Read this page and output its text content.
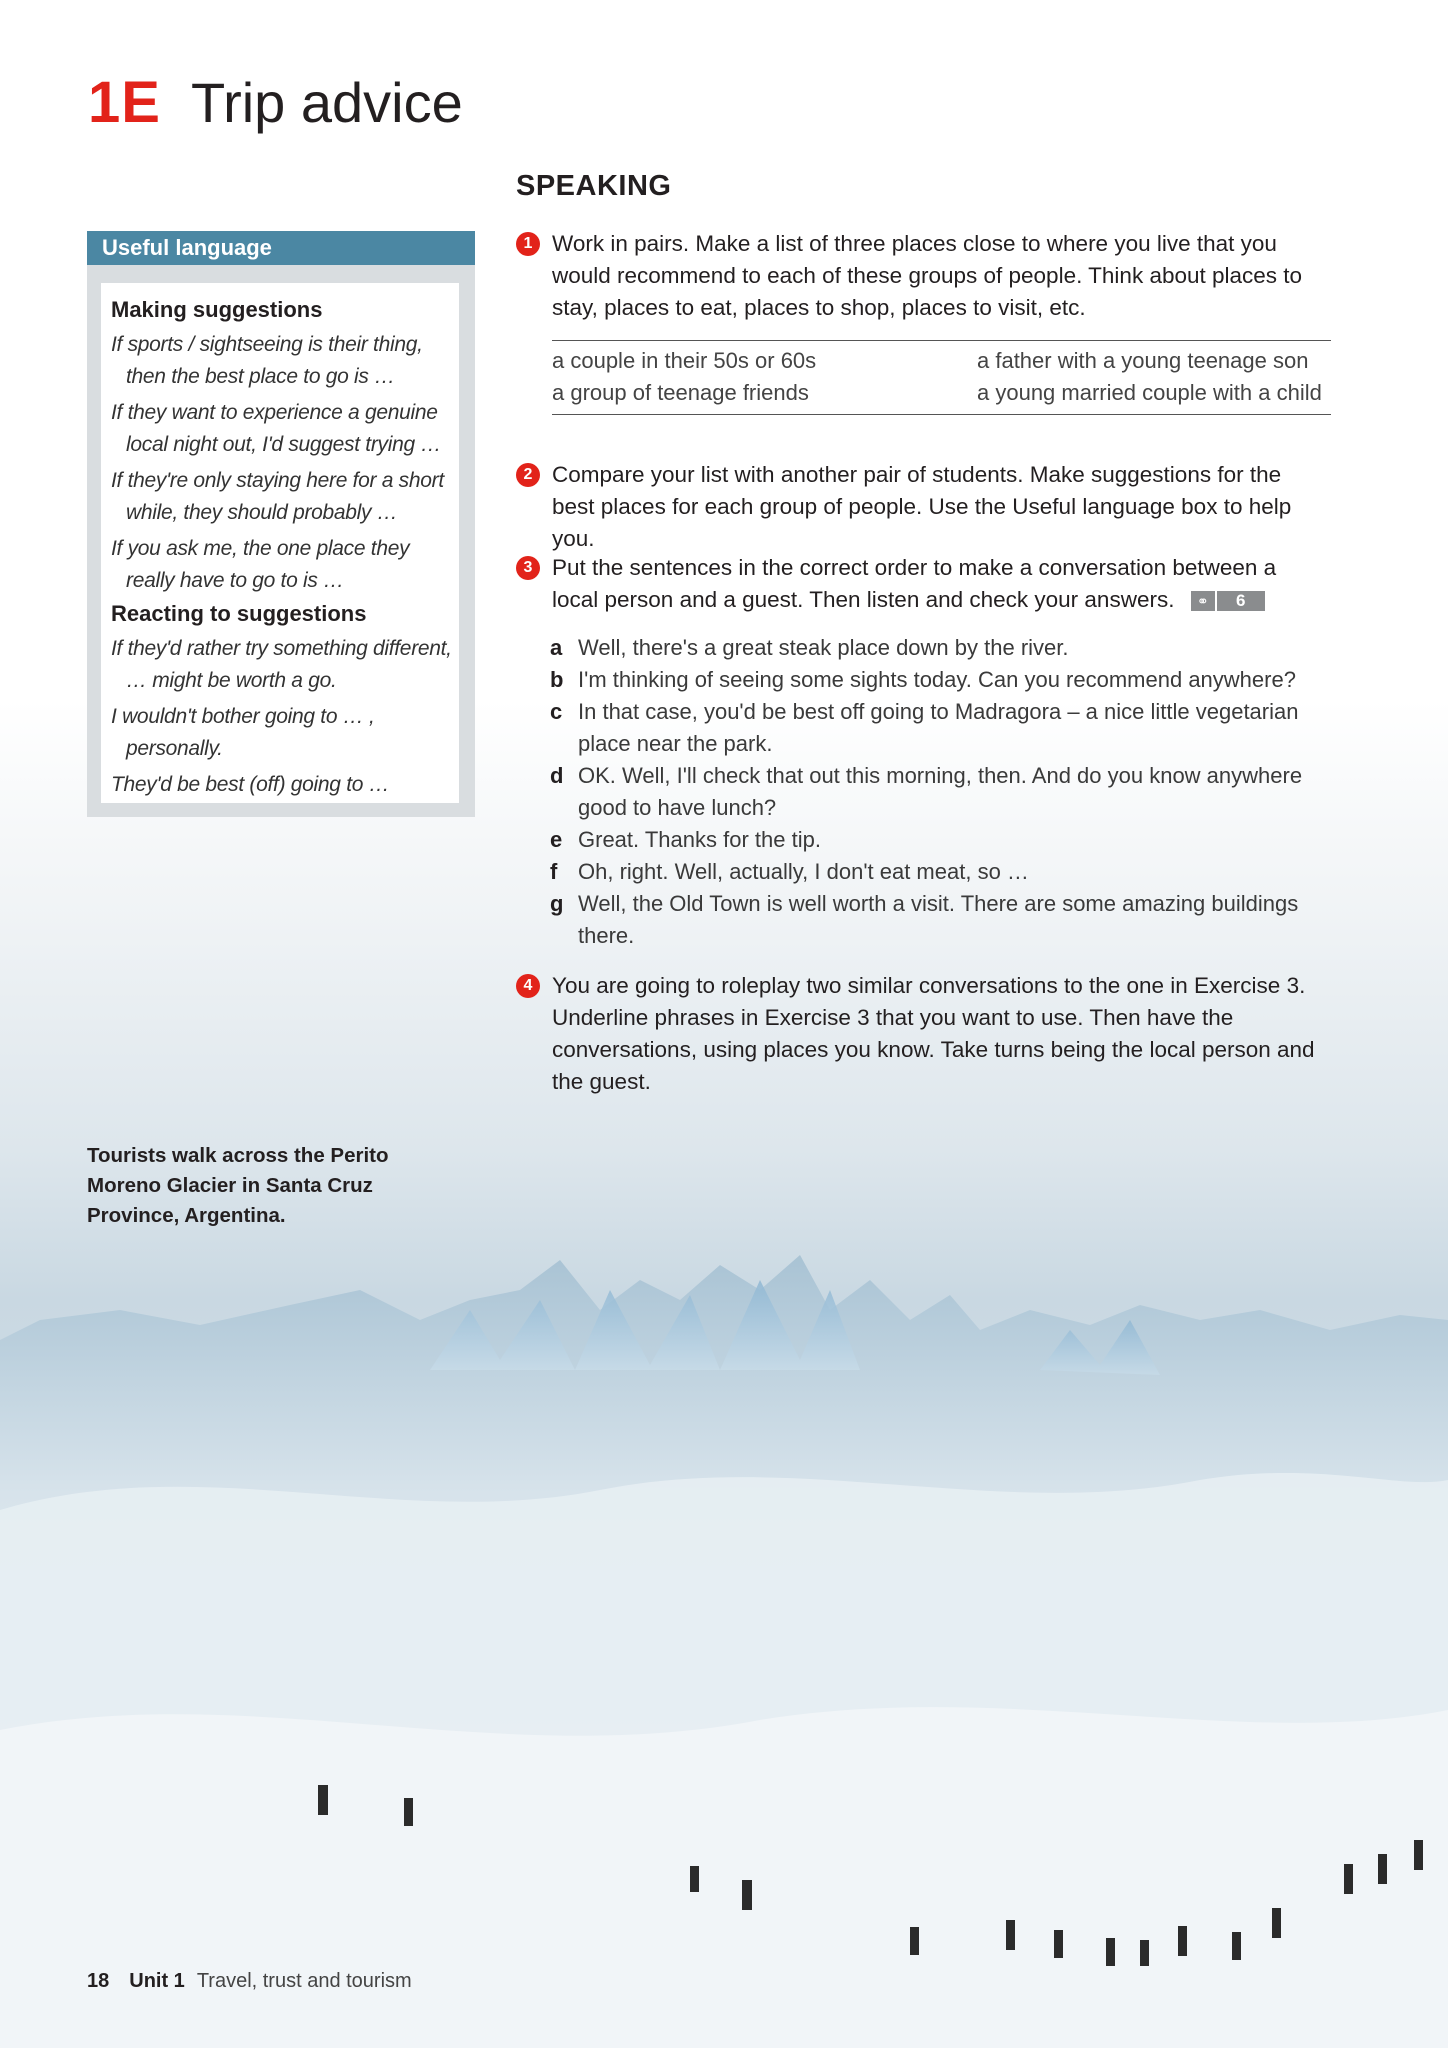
1E Trip advice
Useful language
Making suggestions
If sports / sightseeing is their thing, then the best place to go is …
If they want to experience a genuine local night out, I'd suggest trying …
If they're only staying here for a short while, they should probably …
If you ask me, the one place they really have to go to is …
Reacting to suggestions
If they'd rather try something different, … might be worth a go.
I wouldn't bother going to … , personally.
They'd be best (off) going to …
SPEAKING
1 Work in pairs. Make a list of three places close to where you live that you would recommend to each of these groups of people. Think about places to stay, places to eat, places to shop, places to visit, etc.
a couple in their 50s or 60s	a father with a young teenage son
a group of teenage friends	a young married couple with a child
2 Compare your list with another pair of students. Make suggestions for the best places for each group of people. Use the Useful language box to help you.
3 Put the sentences in the correct order to make a conversation between a local person and a guest. Then listen and check your answers.	⚭	6
a Well, there's a great steak place down by the river.
b I'm thinking of seeing some sights today. Can you recommend anywhere?
c In that case, you'd be best off going to Madragora – a nice little vegetarian place near the park.
d OK. Well, I'll check that out this morning, then. And do you know anywhere good to have lunch?
e Great. Thanks for the tip.
f Oh, right. Well, actually, I don't eat meat, so …
g Well, the Old Town is well worth a visit. There are some amazing buildings there.
4 You are going to roleplay two similar conversations to the one in Exercise 3. Underline phrases in Exercise 3 that you want to use. Then have the conversations, using places you know. Take turns being the local person and the guest.
Tourists walk across the Perito Moreno Glacier in Santa Cruz Province, Argentina.
18 Unit 1 Travel, trust and tourism
